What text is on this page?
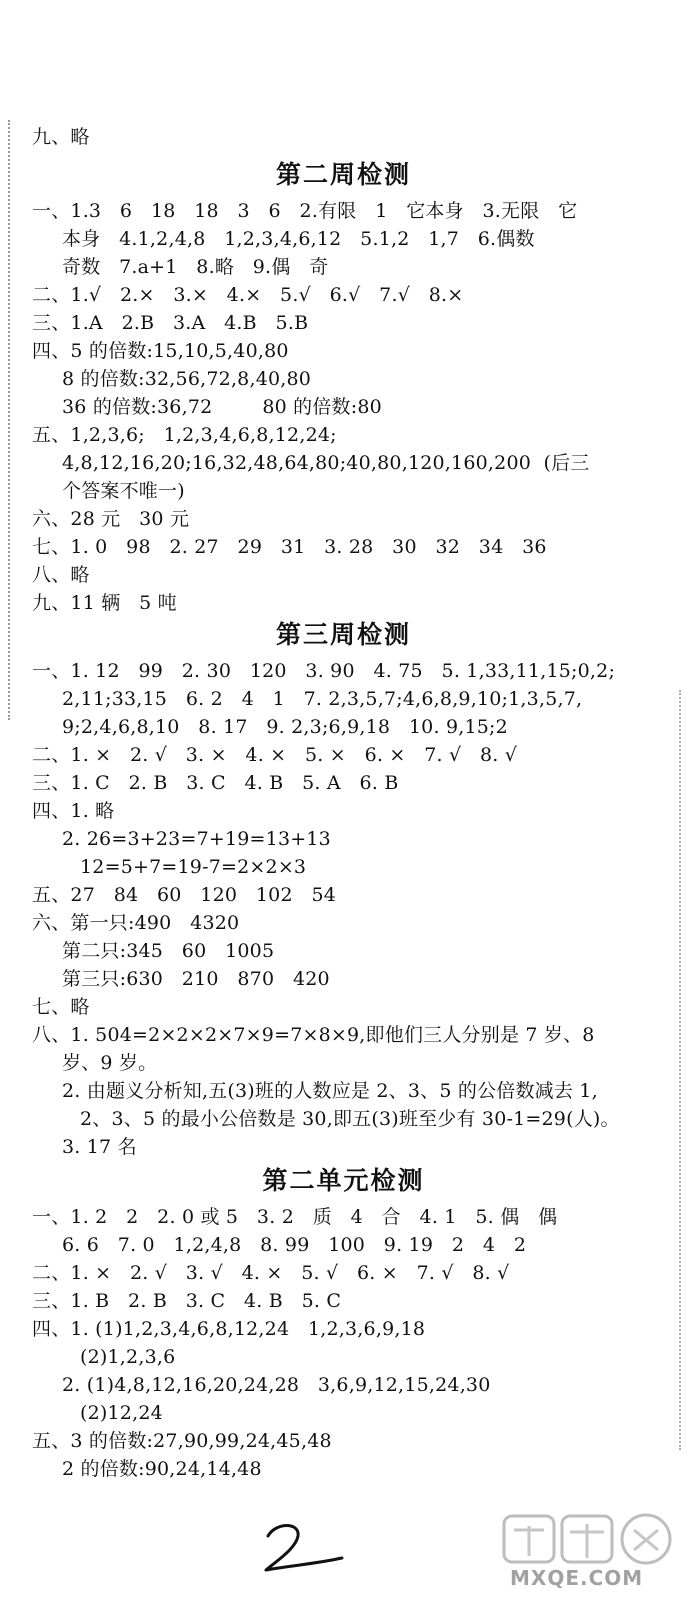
九、略
第二周检测
一、1.3   6   18   18   3   6   2.有限   1   它本身   3.无限   它
本身   4.1,2,4,8   1,2,3,4,6,12   5.1,2   1,7   6.偶数
奇数   7.a+1   8.略   9.偶   奇
二、1.√   2.×   3.×   4.×   5.√   6.√   7.√   8.×
三、1.A   2.B   3.A   4.B   5.B
四、5 的倍数:15,10,5,40,80
8 的倍数:32,56,72,8,40,80
36 的倍数:36,72        80 的倍数:80
五、1,2,3,6;   1,2,3,4,6,8,12,24;
4,8,12,16,20;16,32,48,64,80;40,80,120,160,200  (后三
个答案不唯一)
六、28 元   30 元
七、1. 0   98   2. 27   29   31   3. 28   30   32   34   36
八、略
九、11 辆   5 吨
第三周检测
一、1. 12   99   2. 30   120   3. 90   4. 75   5. 1,33,11,15;0,2;
2,11;33,15   6. 2   4   1   7. 2,3,5,7;4,6,8,9,10;1,3,5,7,
9;2,4,6,8,10   8. 17   9. 2,3;6,9,18   10. 9,15;2
二、1. ×   2. √   3. ×   4. ×   5. ×   6. ×   7. √   8. √
三、1. C   2. B   3. C   4. B   5. A   6. B
四、1. 略
2. 26=3+23=7+19=13+13
12=5+7=19-7=2×2×3
五、27   84   60   120   102   54
六、第一只:490   4320
第二只:345   60   1005
第三只:630   210   870   420
七、略
八、1. 504=2×2×2×7×9=7×8×9,即他们三人分别是 7 岁、8
岁、9 岁。
2. 由题义分析知,五(3)班的人数应是 2、3、5 的公倍数减去 1,
2、3、5 的最小公倍数是 30,即五(3)班至少有 30-1=29(人)。
3. 17 名
第二单元检测
一、1. 2   2   2. 0 或 5   3. 2   质   4   合   4. 1   5. 偶   偶
6. 6   7. 0   1,2,4,8   8. 99   100   9. 19   2   4   2
二、1. ×   2. √   3. √   4. ×   5. √   6. ×   7. √   8. √
三、1. B   2. B   3. C   4. B   5. C
四、1. (1)1,2,3,4,6,8,12,24   1,2,3,6,9,18
(2)1,2,3,6
2. (1)4,8,12,16,20,24,28   3,6,9,12,15,24,30
(2)12,24
五、3 的倍数:27,90,99,24,45,48
2 的倍数:90,24,14,48
MXQE.COM
